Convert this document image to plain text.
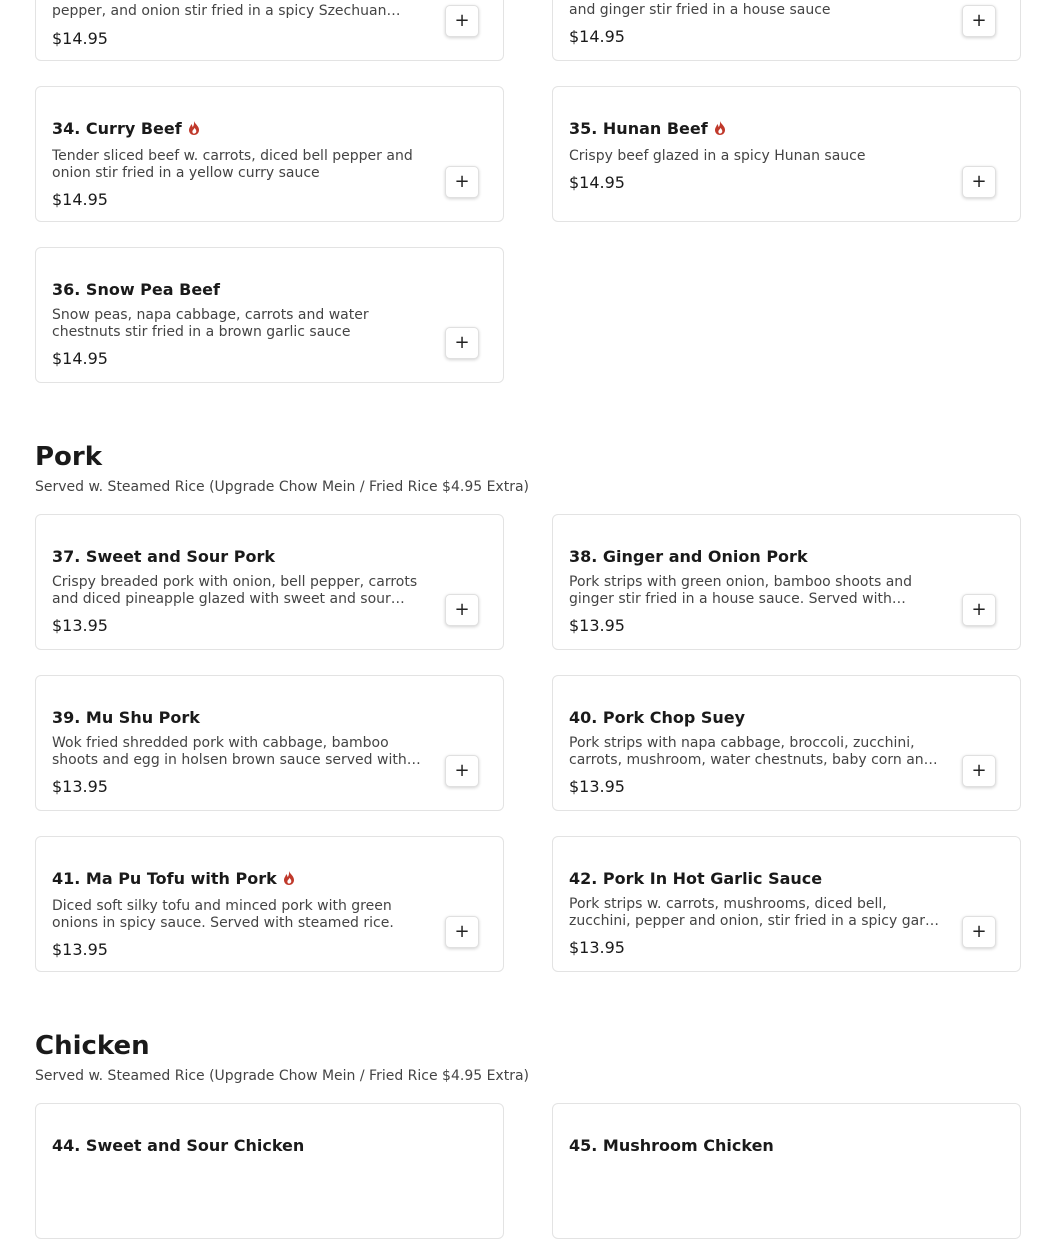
pepper, and onion stir fried in a spicy Szechuan
$14.95
+	and ginger stir fried in a house sauce
$14.95
+
34. Curry Beef
Tender sliced beef w. carrots, diced bell pepper and onion stir fried in a yellow curry sauce
$14.95
+
35. Hunan Beef
Crispy beef glazed in a spicy Hunan sauce
$14.95	+
36. Snow Pea Beef
Snow peas, napa cabbage, carrots and water chestnuts stir fried in a brown garlic sauce
$14.95
+
Pork
Served w. Steamed Rice (Upgrade Chow Mein / Fried Rice $4.95 Extra)
37. Sweet and Sour Pork
Crispy breaded pork with onion, bell pepper, carrots and diced pineapple glazed with sweet and sour
$13.95
+
38. Ginger and Onion Pork
Pork strips with green onion, bamboo shoots and ginger stir fried in a house sauce. Served with
$13.95
+
39. Mu Shu Pork
Wok fried shredded pork with cabbage, bamboo shoots and egg in holsen brown sauce served with
$13.95
+
40. Pork Chop Suey
Pork strips with napa cabbage, broccoli, zucchini, carrots, mushroom, water chestnuts, baby corn and
$13.95
+
41. Ma Pu Tofu with Pork
Diced soft silky tofu and minced pork with green onions in spicy sauce. Served with steamed rice.
$13.95
+
42. Pork In Hot Garlic Sauce
Pork strips w. carrots, mushrooms, diced bell, zucchini, pepper and onion, stir fried in a spicy garlic
$13.95
+
Chicken
Served w. Steamed Rice (Upgrade Chow Mein / Fried Rice $4.95 Extra)
44. Sweet and Sour Chicken	45. Mushroom Chicken
